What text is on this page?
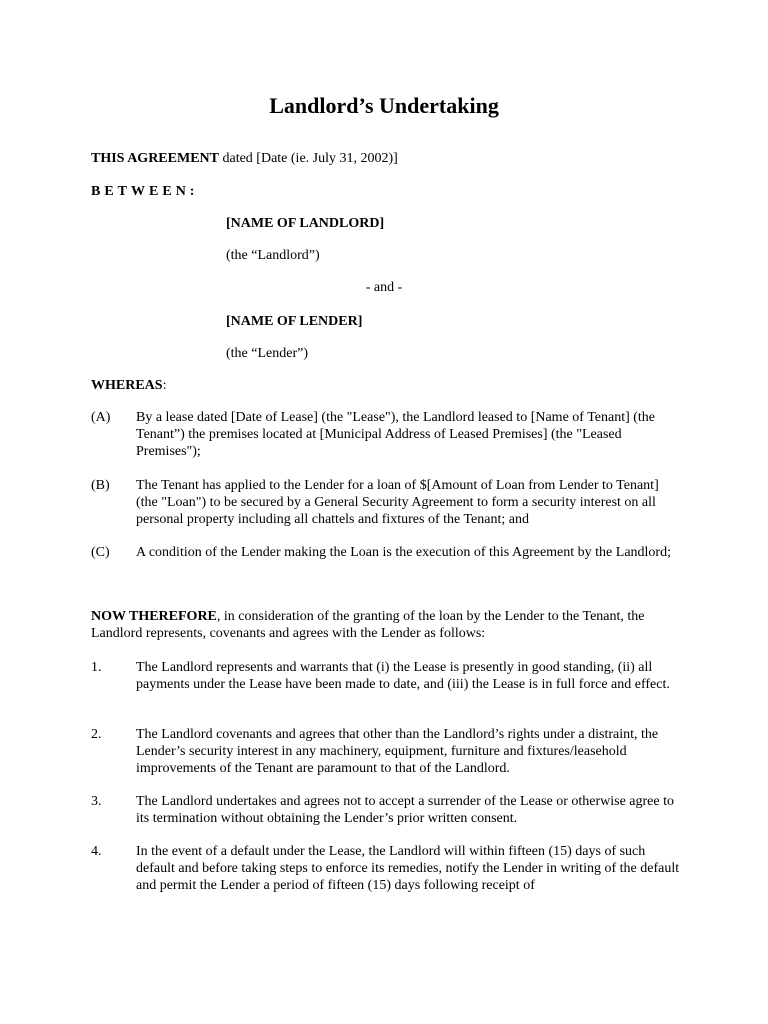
Landlord’s Undertaking
THIS AGREEMENT dated [Date (ie. July 31, 2002)]
BETWEEN:
[NAME OF LANDLORD]
(the “Landlord”)
- and -
[NAME OF LENDER]
(the “Lender”)
WHEREAS:
(A) By a lease dated [Date of Lease] (the "Lease"), the Landlord leased to [Name of Tenant] (the Tenant”) the premises located at [Municipal Address of Leased Premises] (the "Leased Premises");
(B) The Tenant has applied to the Lender for a loan of $[Amount of Loan from Lender to Tenant] (the "Loan") to be secured by a General Security Agreement to form a security interest on all personal property including all chattels and fixtures of the Tenant; and
(C) A condition of the Lender making the Loan is the execution of this Agreement by the Landlord;
NOW THEREFORE, in consideration of the granting of the loan by the Lender to the Tenant, the Landlord represents, covenants and agrees with the Lender as follows:
1. The Landlord represents and warrants that (i) the Lease is presently in good standing, (ii) all payments under the Lease have been made to date, and (iii) the Lease is in full force and effect.
2. The Landlord covenants and agrees that other than the Landlord’s rights under a distraint, the Lender’s security interest in any machinery, equipment, furniture and fixtures/leasehold improvements of the Tenant are paramount to that of the Landlord.
3. The Landlord undertakes and agrees not to accept a surrender of the Lease or otherwise agree to its termination without obtaining the Lender’s prior written consent.
4. In the event of a default under the Lease, the Landlord will within fifteen (15) days of such default and before taking steps to enforce its remedies, notify the Lender in writing of the default and permit the Lender a period of fifteen (15) days following receipt of
